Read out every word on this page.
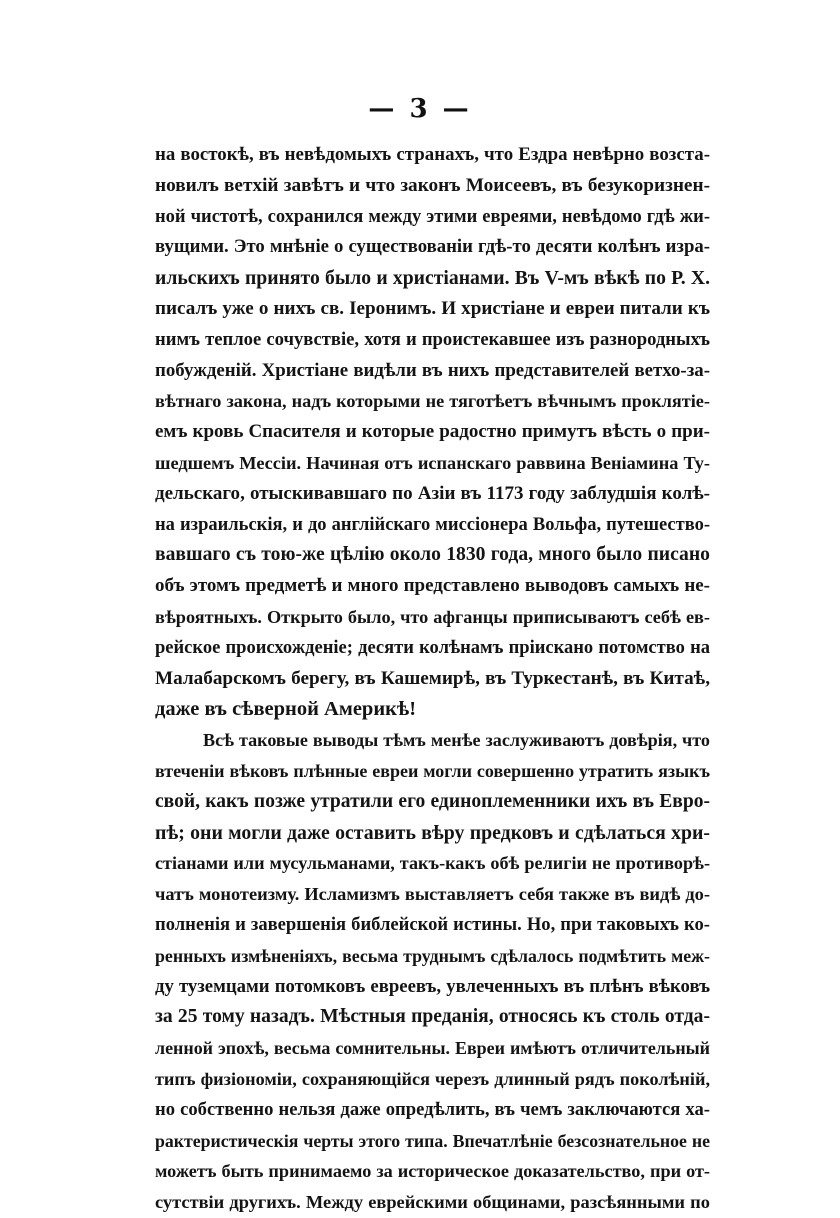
— 3 —
на востокѣ, въ невѣдомыхъ странахъ, что Ездра невѣрно возста-
новилъ ветхій завѣтъ и что законъ Моисеевъ, въ безукоризнен-
ной чистотѣ, сохранился между этими евреями, невѣдомо гдѣ жи-
вущими. Это мнѣніе о существованіи гдѣ-то десяти колѣнъ изра-
ильскихъ принято было и христіанами. Въ V-мъ вѣкѣ по Р. Х.
писалъ уже о нихъ св. Іеронимъ. И христіане и евреи питали къ
нимъ теплое сочувствіе, хотя и проистекавшее изъ разнородныхъ
побужденій. Христіане видѣли въ нихъ представителей ветхо-за-
вѣтнаго закона, надъ которыми не тяготѣетъ вѣчнымъ проклятіе-
емъ кровь Спасителя и которые радостно примутъ вѣсть о при-
шедшемъ Мессіи. Начиная отъ испанскаго раввина Веніамина Ту-
дельскаго, отыскивавшаго по Азіи въ 1173 году заблудшія колѣ-
на израильскія, и до англійскаго миссіонера Вольфа, путешество-
вавшаго съ тою-же цѣлію около 1830 года, много было писано
объ этомъ предметѣ и много представлено выводовъ самыхъ не-
вѣроятныхъ. Открыто было, что афганцы приписываютъ себѣ ев-
рейское происхожденіе; десяти колѣнамъ пріискано потомство на
Малабарскомъ берегу, въ Кашемирѣ, въ Туркестанѣ, въ Китаѣ,
даже въ сѣверной Америкѣ!
Всѣ таковые выводы тѣмъ менѣе заслуживаютъ довѣрія, что
втеченіи вѣковъ плѣнные евреи могли совершенно утратить языкъ
свой, какъ позже утратили его единоплеменники ихъ въ Евро-
пѣ; они могли даже оставить вѣру предковъ и сдѣлаться хри-
стіанами или мусульманами, такъ-какъ обѣ религіи не противорѣ-
чатъ монотеизму. Исламизмъ выставляетъ себя также въ видѣ до-
полненія и завершенія библейской истины. Но, при таковыхъ ко-
ренныхъ измѣненіяхъ, весьма труднымъ сдѣлалось подмѣтить меж-
ду туземцами потомковъ евреевъ, увлеченныхъ въ плѣнъ вѣковъ
за 25 тому назадъ. Мѣстныя преданія, относясь къ столь отда-
ленной эпохѣ, весьма сомнительны. Евреи имѣютъ отличительный
типъ физіономіи, сохраняющійся черезъ длинный рядъ поколѣній,
но собственно нельзя даже опредѣлить, въ чемъ заключаются ха-
рактеристическія черты этого типа. Впечатлѣніе безсознательное не
можетъ быть принимаемо за историческое доказательство, при от-
сутствіи другихъ. Между еврейскими общинами, разсѣянными по
